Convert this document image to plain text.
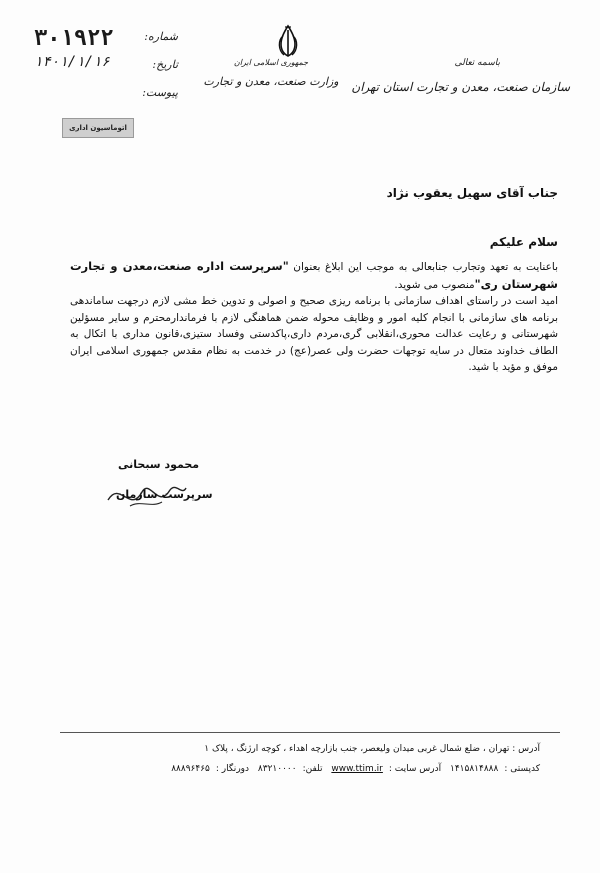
۳۰۱۹۲۲	شماره:
۱۴۰۱/۱/۱۶	تاریخ:
پیوست:
اتوماسیون اداری
جمهوری اسلامی ایران
وزارت صنعت، معدن و تجارت
باسمه تعالی
سازمان صنعت، معدن و تجارت استان تهران
جناب آقای سهیل یعقوب نژاد
سلام علیکم

باعنایت به تعهد وتجارب جنابعالی به موجب این ابلاغ بعنوان "سرپرست اداره صنعت،معدن و تجارت شهرستان ری"منصوب می شوید.

امید است در راستای اهداف سازمانی با برنامه ریزی صحیح و اصولی و تدوین خط مشی لازم درجهت ساماندهی برنامه های سازمانی با انجام کلیه امور و وظایف محوله ضمن هماهنگی لازم با فرماندارمحترم و سایر مسؤلین شهرستانی و رعایت عدالت محوری،انقلابی گری،مردم داری،پاکدستی وفساد ستیزی،قانون مداری با اتکال به الطاف خداوند متعال در سایه توجهات حضرت ولی عصر(عج) در خدمت به نظام مقدس جمهوری اسلامی ایران موفق و مؤید با شید.

محمود سبحانی
سرپرست سازمان
آدرس : تهران ، ضلع شمال غربی میدان ولیعصر، جنب بازارچه اهداء ، کوچه ارژنگ ، پلاک ۱
کدپستی :۱۴۱۵۸۱۴۸۸۸ آدرس سایت :www.ttim.ir تلفن:۸۳۲۱۰۰۰۰ دورنگار :۸۸۸۹۶۴۶۵
